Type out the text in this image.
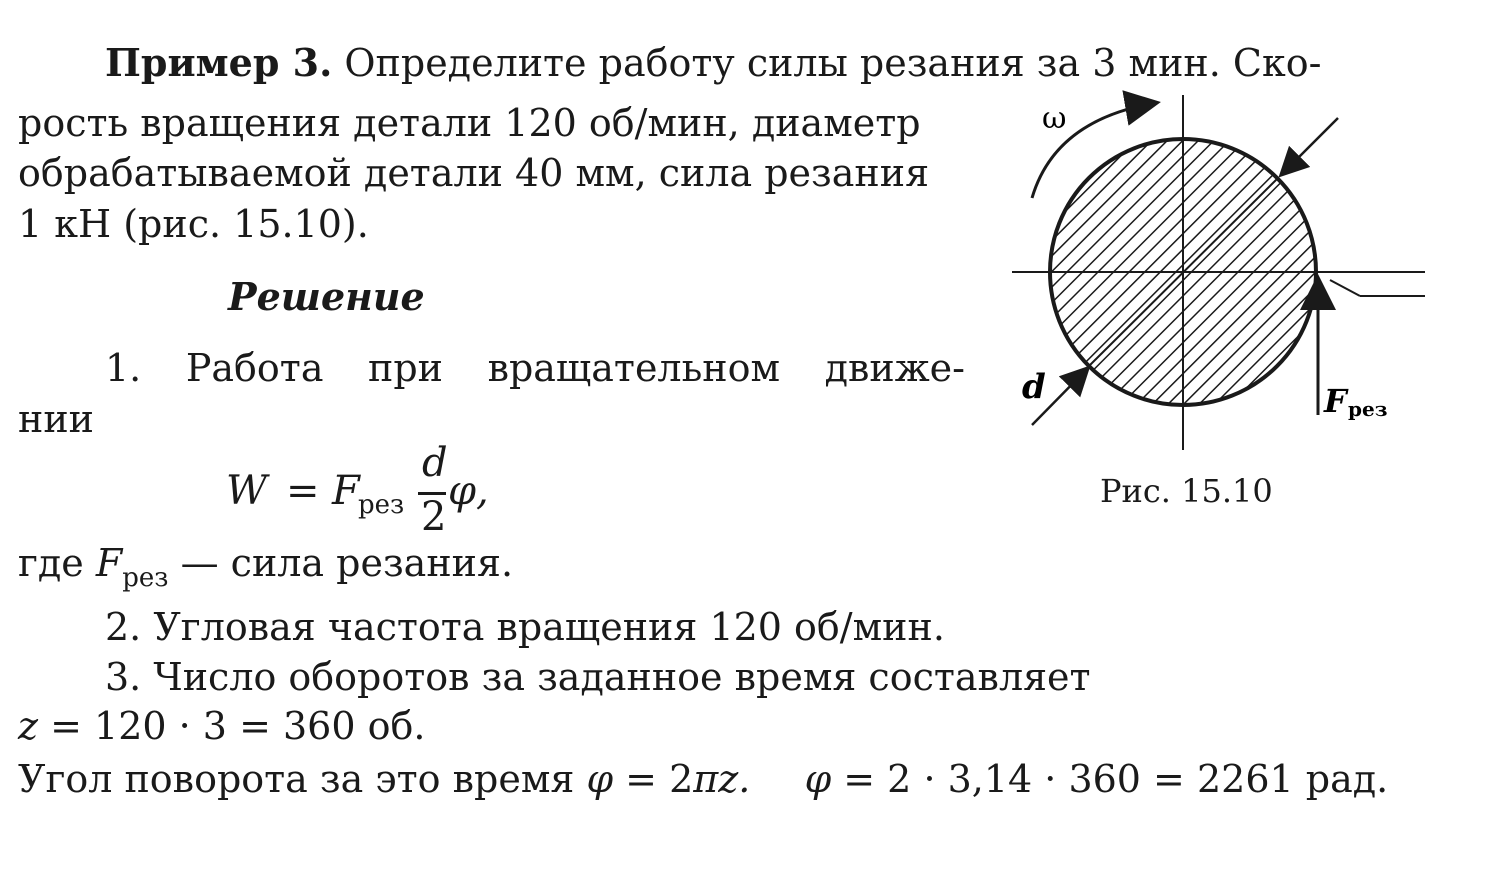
Пример 3. Определите работу силы резания за 3 мин. Ско-
рость вращения детали 120 об/мин, диаметр
обрабатываемой детали 40 мм, сила резания
1 кН (рис. 15.10).
Решение
1. Работа при вращательном движе-
нии
W = F
рез
d
2
φ,
где $F_{рез}$ — сила резания.
2. Угловая частота вращения 120 об/мин.
3. Число оборотов за заданное время составляет
z = 120 · 3 = 360 об.
Угол поворота за это время φ = 2πz. φ = 2 · 3,14 · 360 = 2261 рад.
ω
d	F рез
Рис. 15.10
